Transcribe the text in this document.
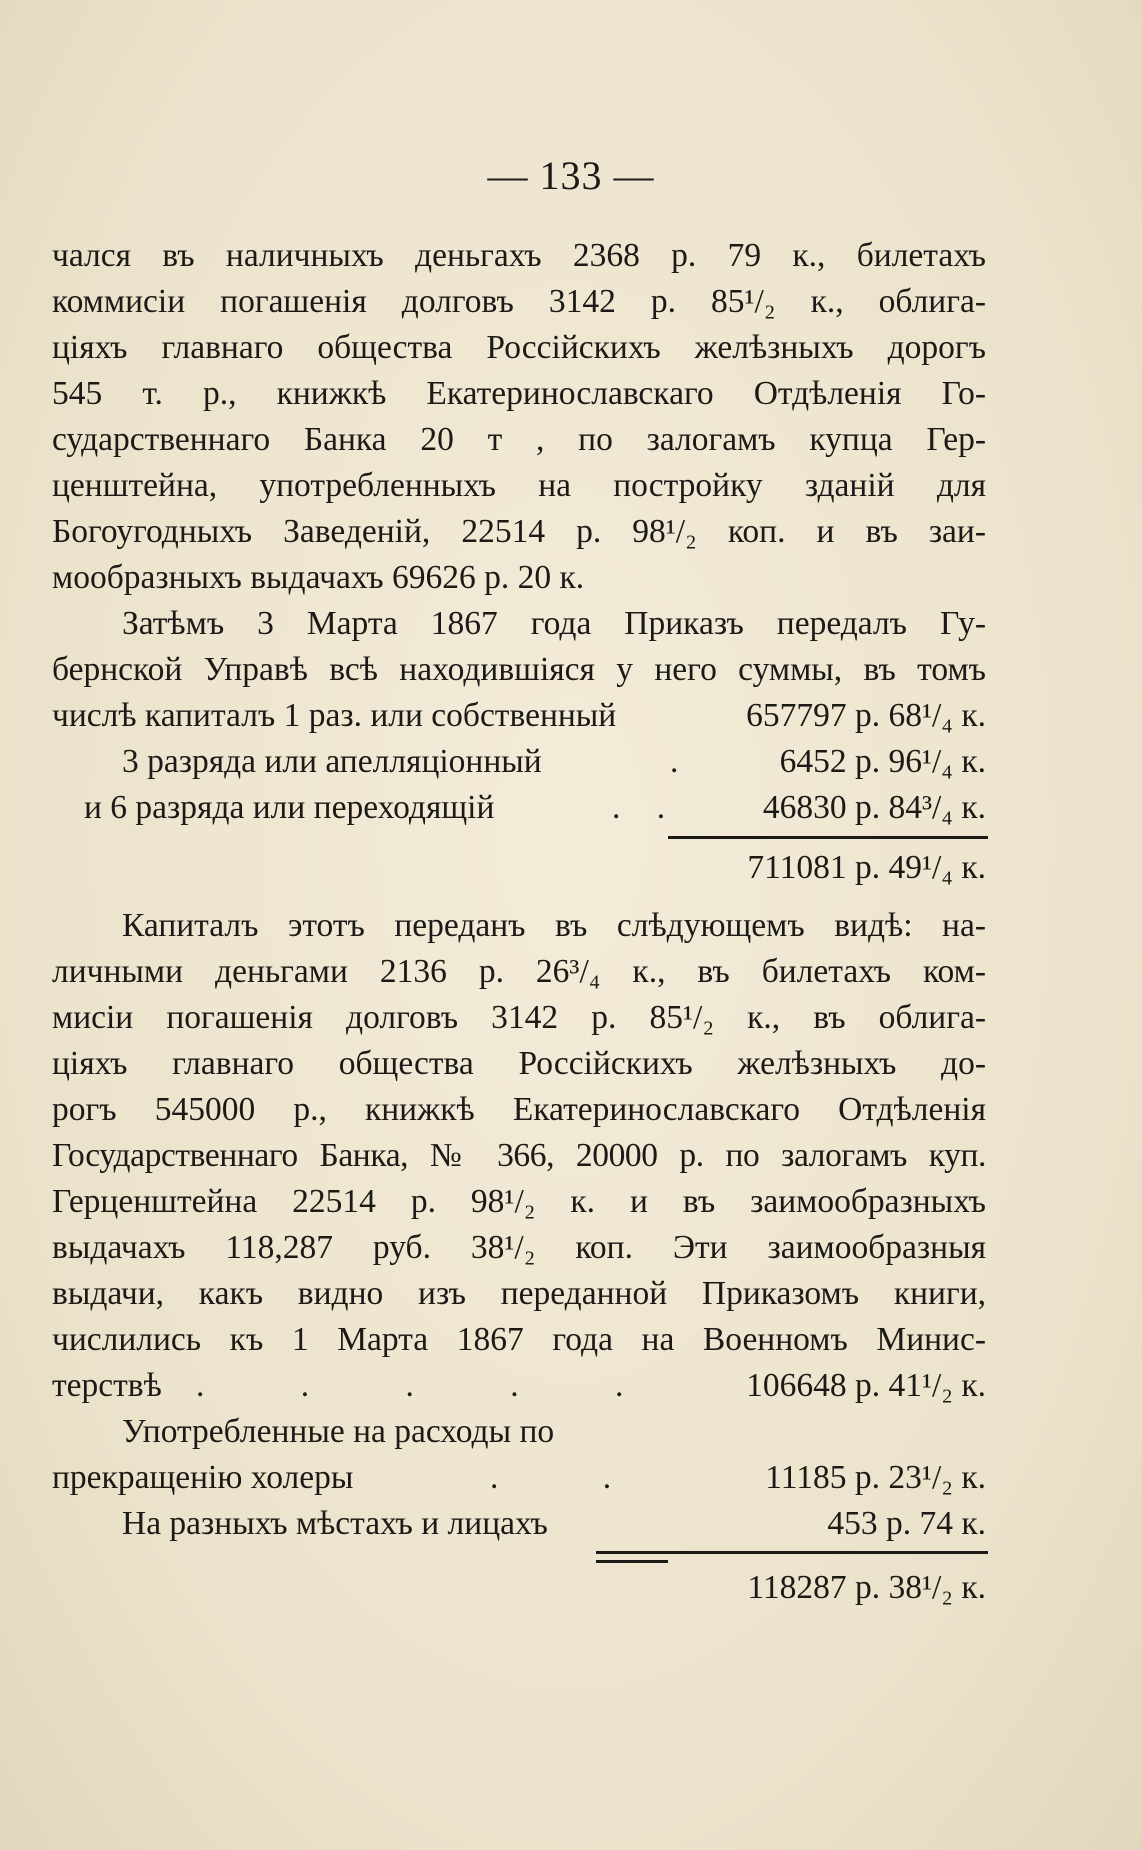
— 133 —
чался въ наличныхъ деньгахъ 2368 р. 79 к., билетахъ
коммисіи погашенія долговъ 3142 р. 85¹/₂ к., облига-
ціяхъ главнаго общества Россійскихъ желѣзныхъ дорогъ
545 т. р., книжкѣ Екатеринославскаго Отдѣленія Го-
сударственнаго Банка 20 т , по залогамъ купца Гер-
ценштейна, употребленныхъ на постройку зданій для
Богоугодныхъ Заведеній, 22514 р. 98¹/₂ коп. и въ заи-
мообразныхъ выдачахъ 69626 р. 20 к.
Затѣмъ 3 Марта 1867 года Приказъ передалъ Гу-
бернской Управѣ всѣ находившіяся у него суммы, въ томъ
числѣ капиталъ 1 раз. или собственный	657797 р. 68¹/₄ к.
3 разряда или апелляціонный	.	6452 р. 96¹/₄ к.
и 6 разряда или переходящій	. . 46830 р. 84³/₄ к.
711081 р. 49¹/₄ к.
Капиталъ этотъ переданъ въ слѣдующемъ видѣ: на-
личными деньгами 2136 р. 26³/₄ к., въ билетахъ ком-
мисіи погашенія долговъ 3142 р. 85¹/₂ к., въ облига-
ціяхъ главнаго общества Россійскихъ желѣзныхъ до-
рогъ 545000 р., книжкѣ Екатеринославскаго Отдѣленія
Государственнаго Банка, № 366, 20000 р. по залогамъ куп.
Герценштейна 22514 р. 98¹/₂ к. и въ заимообразныхъ
выдачахъ 118,287 руб. 38¹/₂ коп. Эти заимообразныя
выдачи, какъ видно изъ переданной Приказомъ книги,
числились къ 1 Марта 1867 года на Военномъ Минис-
терствѣ . . . . . 106648 р. 41¹/₂ к.
Употребленные на расходы по
прекращенію холеры	. .	11185 р. 23¹/₂ к.
На разныхъ мѣстахъ и лицахъ	453 р. 74 к.
118287 р. 38¹/₂ к.
